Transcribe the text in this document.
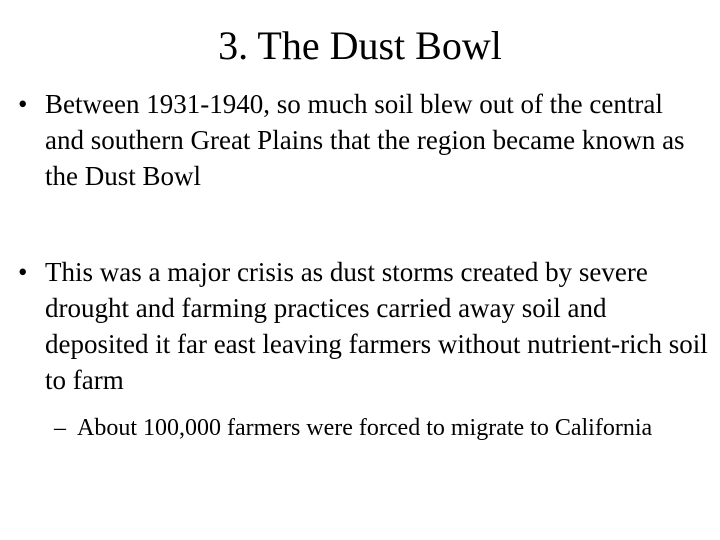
3. The Dust Bowl
• Between 1931-1940, so much soil blew out of the central and southern Great Plains that the region became known as the Dust Bowl
• This was a major crisis as dust storms created by severe drought and farming practices carried away soil and deposited it far east leaving farmers without nutrient-rich soil to farm
– About 100,000 farmers were forced to migrate to California
